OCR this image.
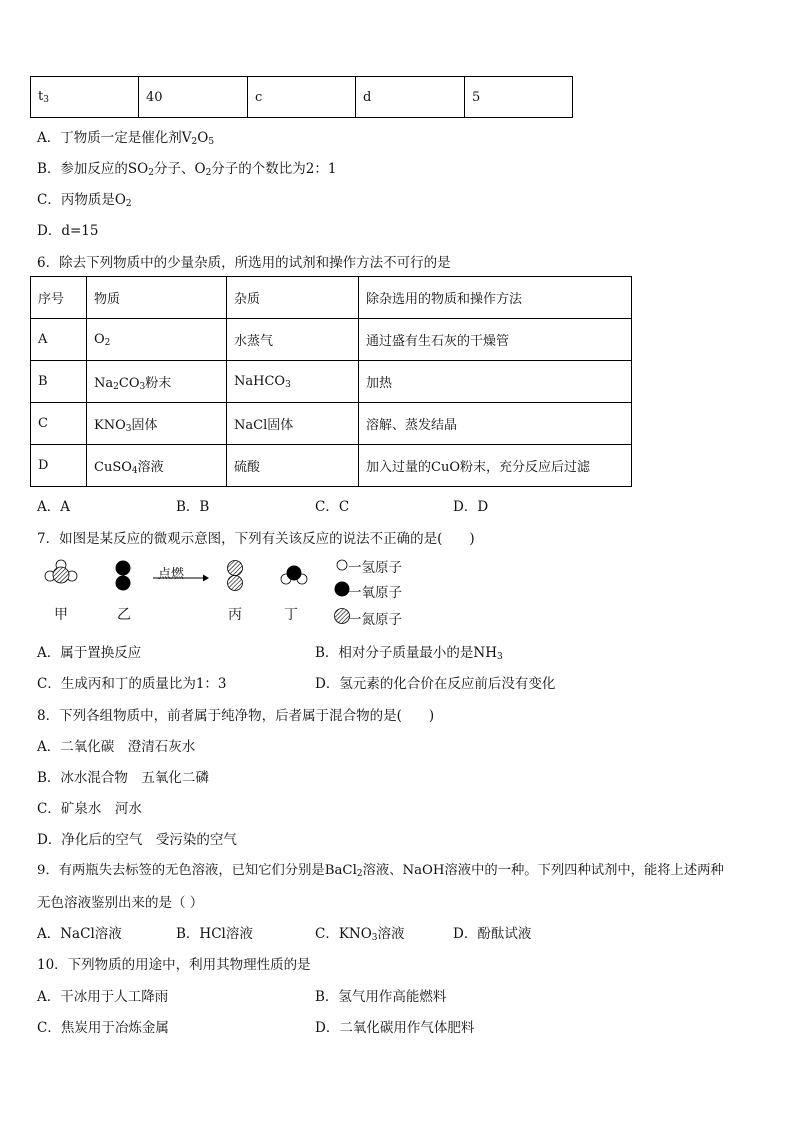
$t_3$	40	c	d	5
A．丁物质一定是催化剂$V_2O_5$
B．参加反应的$SO_2$分子、$O_2$分子的个数比为2：1
C．丙物质是$O_2$
D．d=15
6．除去下列物质中的少量杂质，所选用的试剂和操作方法不可行的是
序号	物质	杂质	除杂选用的物质和操作方法
A	$O_2$	水蒸气	通过盛有生石灰的干燥管
B	$Na_2CO_3$粉末	NaHCO$_3$	加热
C	$KNO_3$固体	NaCl固体	溶解、蒸发结晶
D	CuSO$_4$溶液	硫酸	加入过量的CuO粉末，充分反应后过滤
A．A	B．B	C．C	D．D
7．如图是某反应的微观示意图，下列有关该反应的说法不正确的是(　　)
点燃
甲	乙	丙	丁
一氢原子
一氧原子
一氮原子
A．属于置换反应	B．相对分子质量最小的是$NH_3$
C．生成丙和丁的质量比为1：3	D．氢元素的化合价在反应前后没有变化
8．下列各组物质中，前者属于纯净物，后者属于混合物的是(　　)
A．二氧化碳　澄清石灰水
B．冰水混合物　五氧化二磷
C．矿泉水　河水
D．净化后的空气　受污染的空气
9．有两瓶失去标签的无色溶液，已知它们分别是BaCl$_2$溶液、NaOH溶液中的一种。下列四种试剂中，能将上述两种
无色溶液鉴别出来的是（ ）
A．NaCl溶液	B．HCl溶液	C．$KNO_3$溶液	D．酚酞试液
10．下列物质的用途中，利用其物理性质的是
A．干冰用于人工降雨	B．氢气用作高能燃料
C．焦炭用于冶炼金属	D．二氧化碳用作气体肥料
